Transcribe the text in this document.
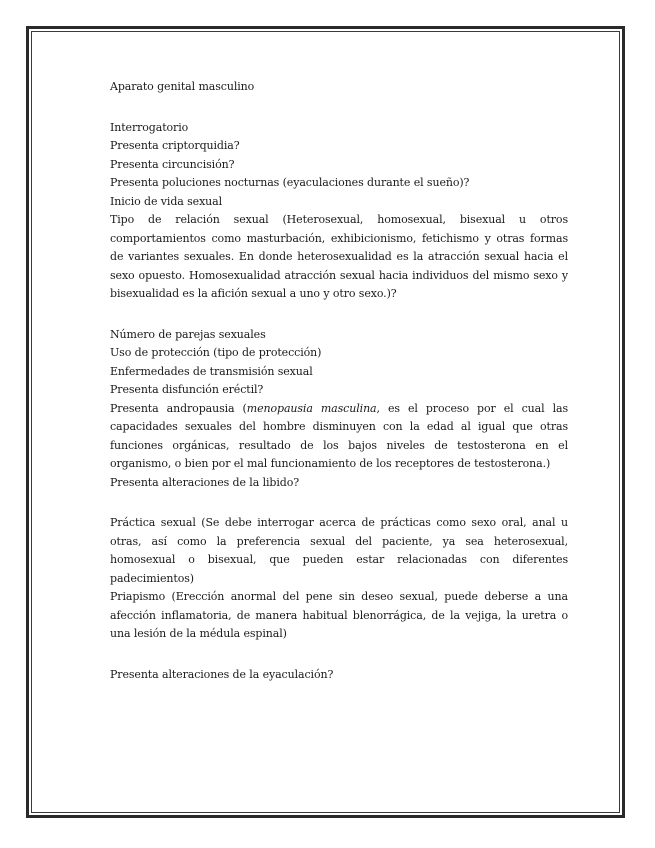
Aparato genital masculino
Interrogatorio
Presenta criptorquidia?
Presenta circuncisión?
Presenta poluciones nocturnas (eyaculaciones durante el sueño)?
Inicio de vida sexual
Tipo de relación sexual (Heterosexual, homosexual, bisexual u otros comportamientos como masturbación, exhibicionismo, fetichismo y otras formas de variantes sexuales. En donde heterosexualidad es la atracción sexual hacia el sexo opuesto. Homosexualidad atracción sexual hacia individuos del mismo sexo y bisexualidad es la afición sexual a uno y otro sexo.)?
Número de parejas sexuales
Uso de protección (tipo de protección)
Enfermedades de transmisión sexual
Presenta disfunción eréctil?
Presenta andropausia (menopausia masculina, es el proceso por el cual las capacidades sexuales del hombre disminuyen con la edad al igual que otras funciones orgánicas, resultado de los bajos niveles de testosterona en el organismo, o bien por el mal funcionamiento de los receptores de testosterona.)
Presenta alteraciones de la libido?
Práctica sexual (Se debe interrogar acerca de prácticas como sexo oral, anal u otras, así como la preferencia sexual del paciente, ya sea heterosexual, homosexual o bisexual, que pueden estar relacionadas con diferentes padecimientos)
Priapismo (Erección anormal del pene sin deseo sexual, puede deberse a una afección inflamatoria, de manera habitual blenorrágica, de la vejiga, la uretra o una lesión de la médula espinal)
Presenta alteraciones de la eyaculación?
